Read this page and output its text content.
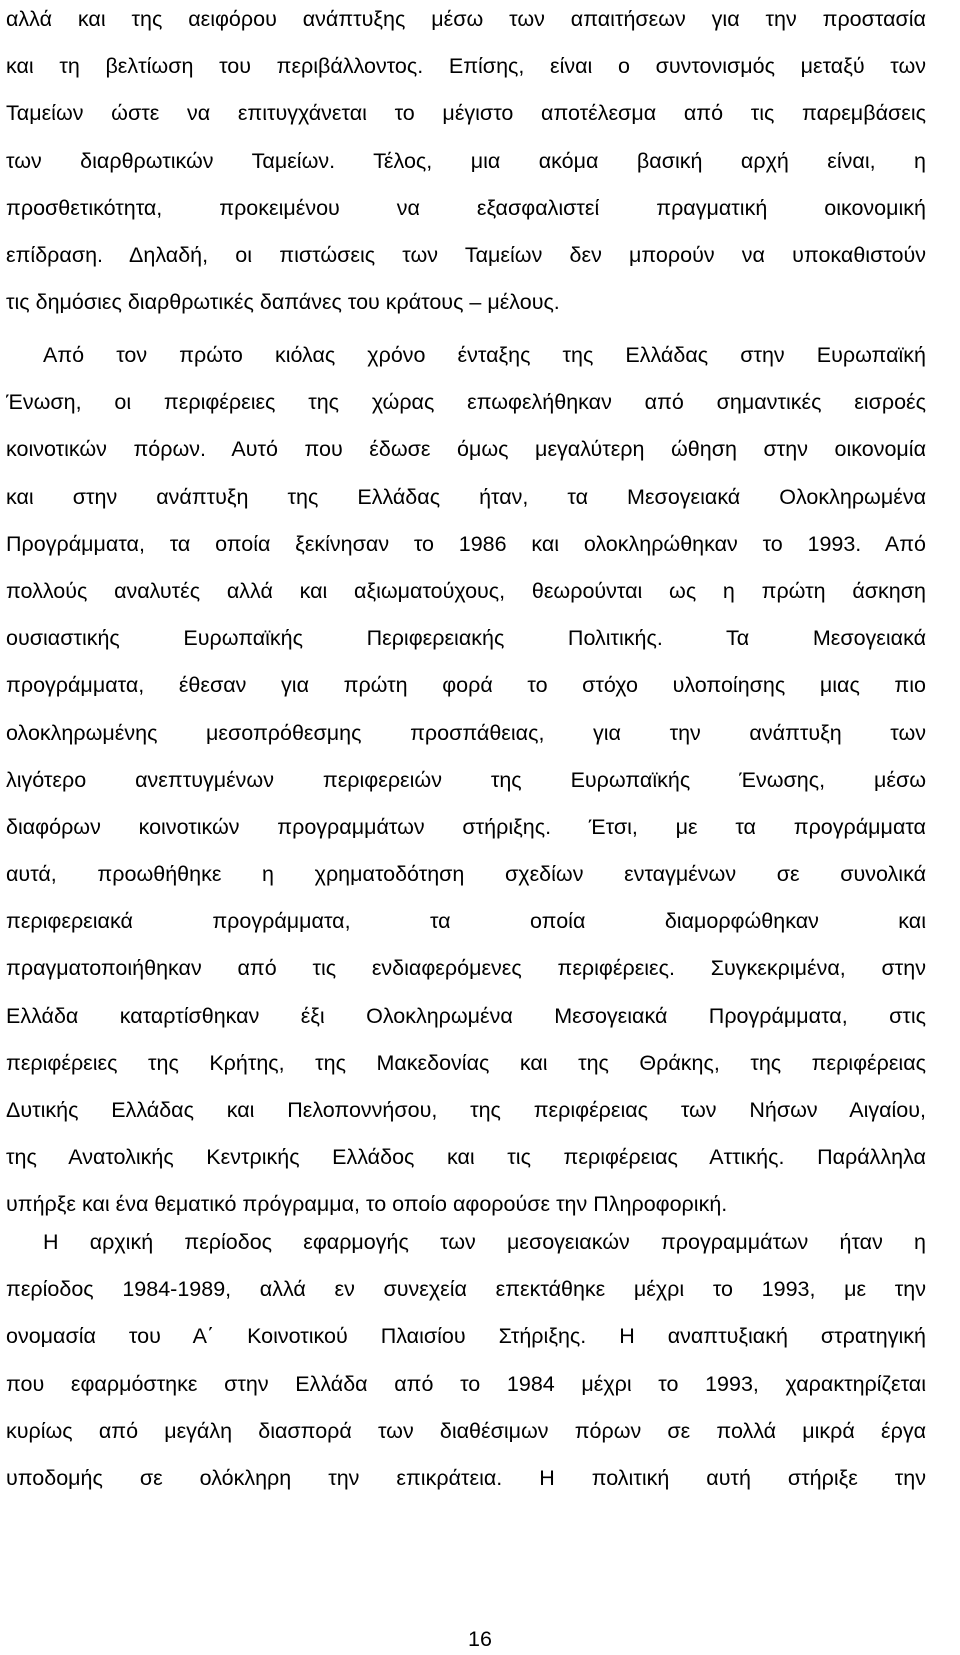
αλλά και της αειφόρου ανάπτυξης μέσω των απαιτήσεων για την προστασία
και τη βελτίωση του περιβάλλοντος. Επίσης, είναι ο συντονισμός μεταξύ των
Ταμείων ώστε να επιτυγχάνεται το μέγιστο αποτέλεσμα από τις παρεμβάσεις
των διαρθρωτικών Ταμείων. Τέλος, μια ακόμα βασική αρχή είναι, η
προσθετικότητα, προκειμένου να εξασφαλιστεί πραγματική οικονομική
επίδραση. Δηλαδή, οι πιστώσεις των Ταμείων δεν μπορούν να υποκαθιστούν
τις δημόσιες διαρθρωτικές δαπάνες του κράτους – μέλους.
Από τον πρώτο κιόλας χρόνο ένταξης της Ελλάδας στην Ευρωπαϊκή
Ένωση, οι περιφέρειες της χώρας επωφελήθηκαν από σημαντικές εισροές
κοινοτικών πόρων. Αυτό που έδωσε όμως μεγαλύτερη ώθηση στην οικονομία
και στην ανάπτυξη της Ελλάδας ήταν, τα Μεσογειακά Ολοκληρωμένα
Προγράμματα, τα οποία ξεκίνησαν το 1986 και ολοκληρώθηκαν το 1993. Από
πολλούς αναλυτές αλλά και αξιωματούχους, θεωρούνται ως η πρώτη άσκηση
ουσιαστικής Ευρωπαϊκής Περιφερειακής Πολιτικής. Τα Μεσογειακά
προγράμματα, έθεσαν για πρώτη φορά το στόχο υλοποίησης μιας πιο
ολοκληρωμένης μεσοπρόθεσμης προσπάθειας, για την ανάπτυξη των
λιγότερο ανεπτυγμένων περιφερειών της Ευρωπαϊκής Ένωσης, μέσω
διαφόρων κοινοτικών προγραμμάτων στήριξης. Έτσι, με τα προγράμματα
αυτά, προωθήθηκε η χρηματοδότηση σχεδίων ενταγμένων σε συνολικά
περιφερειακά προγράμματα, τα οποία διαμορφώθηκαν και
πραγματοποιήθηκαν από τις ενδιαφερόμενες περιφέρειες. Συγκεκριμένα, στην
Ελλάδα καταρτίσθηκαν έξι Ολοκληρωμένα Μεσογειακά Προγράμματα, στις
περιφέρειες της Κρήτης, της Μακεδονίας και της Θράκης, της περιφέρειας
Δυτικής Ελλάδας και Πελοποννήσου, της περιφέρειας των Νήσων Αιγαίου,
της Ανατολικής Κεντρικής Ελλάδος και τις περιφέρειας Αττικής. Παράλληλα
υπήρξε και ένα θεματικό πρόγραμμα, το οποίο αφορούσε την Πληροφορική.
Η αρχική περίοδος εφαρμογής των μεσογειακών προγραμμάτων ήταν η
περίοδος 1984-1989, αλλά εν συνεχεία επεκτάθηκε μέχρι το 1993, με την
ονομασία του Α΄ Κοινοτικού Πλαισίου Στήριξης. Η αναπτυξιακή στρατηγική
που εφαρμόστηκε στην Ελλάδα από το 1984 μέχρι το 1993, χαρακτηρίζεται
κυρίως από μεγάλη διασπορά των διαθέσιμων πόρων σε πολλά μικρά έργα
υποδομής σε ολόκληρη την επικράτεια. Η πολιτική αυτή στήριξε την
16
